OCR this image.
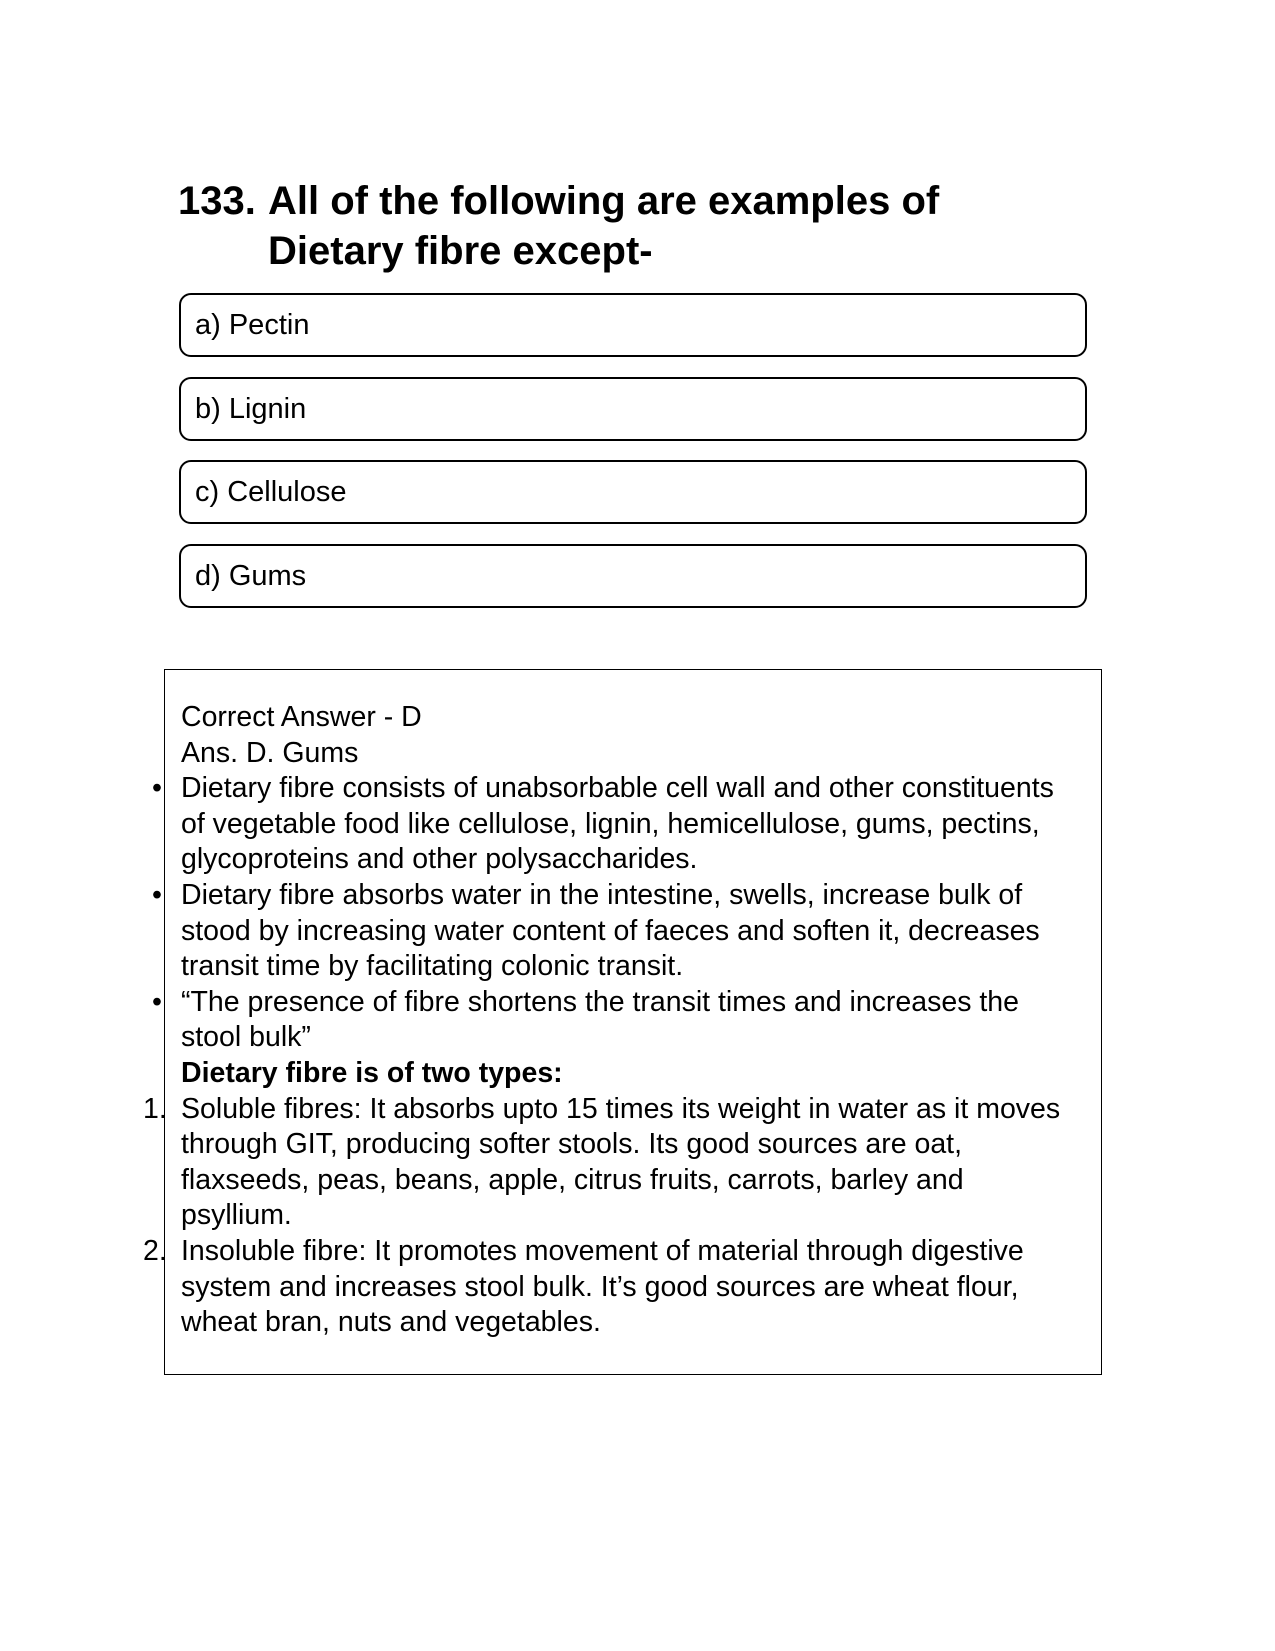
133. All of the following are examples of Dietary fibre except-
a) Pectin
b) Lignin
c) Cellulose
d) Gums

Correct Answer - D

Ans. D. Gums

• Dietary fibre consists of unabsorbable cell wall and other constituents of vegetable food like cellulose, lignin, hemicellulose, gums, pectins, glycoproteins and other polysaccharides.
• Dietary fibre absorbs water in the intestine, swells, increase bulk of stood by increasing water content of faeces and soften it, decreases transit time by facilitating colonic transit.
• “The presence of fibre shortens the transit times and increases the stool bulk”

Dietary fibre is of two types:

1. Soluble fibres: It absorbs upto 15 times its weight in water as it moves through GIT, producing softer stools. Its good sources are oat, flaxseeds, peas, beans, apple, citrus fruits, carrots, barley and psyllium.
2. Insoluble fibre: It promotes movement of material through digestive system and increases stool bulk. It’s good sources are wheat flour, wheat bran, nuts and vegetables.
